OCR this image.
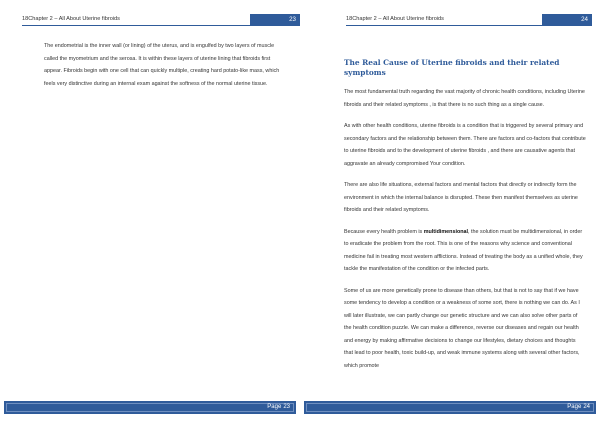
18Chapter 2 – All About Uterine fibroids	23

The endometrial is the inner wall (or lining) of the uterus, and is engulfed by two layers of muscle called the myometrium and the serosa. It is within these layers of uterine lining that fibroids first appear. Fibroids begin with one cell that can quickly multiple, creating hard potato-like mass, which feels very distinctive during an internal exam against the softness of the normal uterine tissue.

Page 23
18Chapter 2 – All About Uterine fibroids	24
The Real Cause of Uterine fibroids and their related symptoms

The most fundamental truth regarding the vast majority of chronic health conditions, including Uterine fibroids and their related symptoms , is that there is no such thing as a single cause.

As with other health conditions, uterine fibroids is a condition that is triggered by several primary and secondary factors and the relationship between them. There are factors and co-factors that contribute to uterine fibroids and to the development of uterine fibroids , and there are causative agents that aggravate an already compromised Your condition.

There are also life situations, external factors and mental factors that directly or indirectly form the environment in which the internal balance is disrupted. These then manifest themselves as uterine fibroids and their related symptoms.

Because every health problem is multidimensional, the solution must be multidimensional, in order to eradicate the problem from the root. This is one of the reasons why science and conventional medicine fail in treating most western afflictions. Instead of treating the body as a unified whole, they tackle the manifestation of the condition or the infected parts.

Some of us are more genetically prone to disease than others, but that is not to say that if we have some tendency to develop a condition or a weakness of some sort, there is nothing we can do. As I will later illustrate, we can partly change our genetic structure and we can also solve other parts of the health condition puzzle. We can make a difference, reverse our diseases and regain our health and energy by making affirmative decisions to change our lifestyles, dietary choices and thoughts that lead to poor health, toxic build-up, and weak immune systems along with several other factors, which promote

Page 24
